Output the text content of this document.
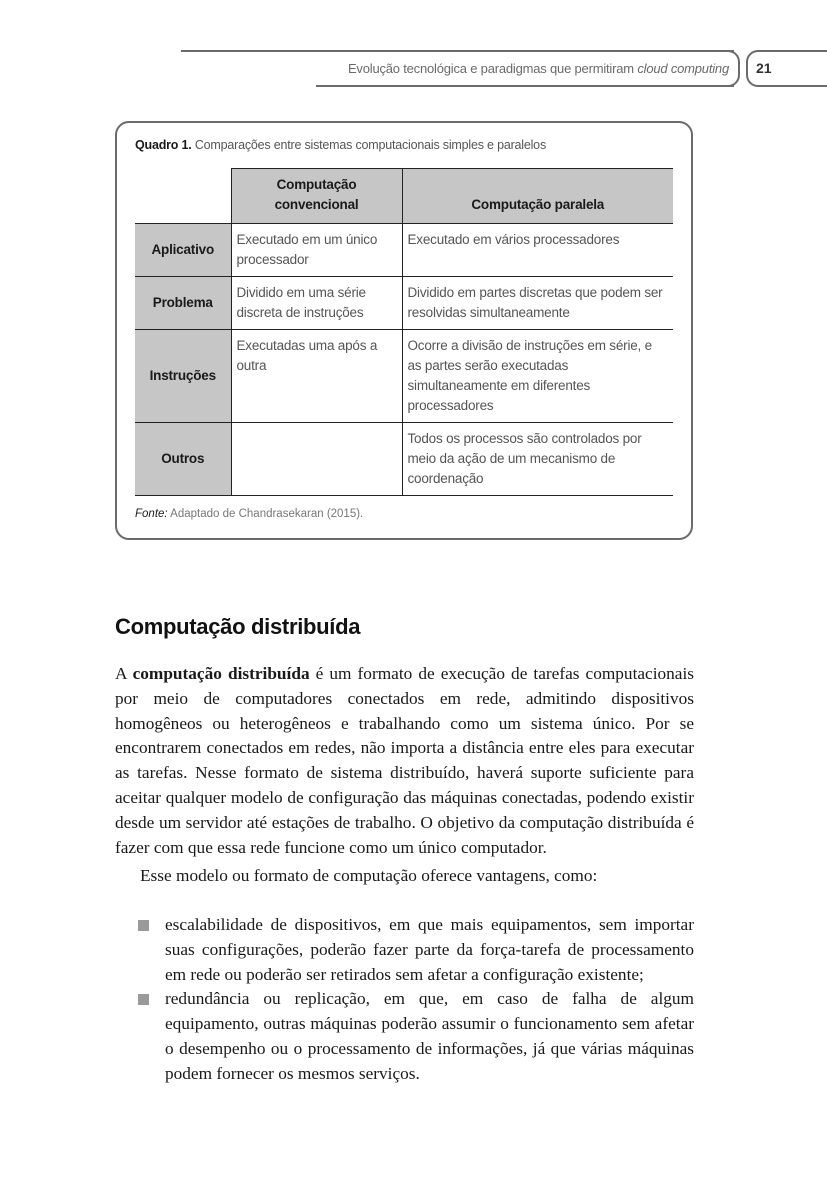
Evolução tecnológica e paradigmas que permitiram cloud computing 21
Quadro 1. Comparações entre sistemas computacionais simples e paralelos
	Computação convencional	Computação paralela
Aplicativo	Executado em um único processador	Executado em vários processadores
Problema	Dividido em uma série discreta de instruções	Dividido em partes discretas que podem ser resolvidas simultaneamente
Instruções	Executadas uma após a outra	Ocorre a divisão de instruções em série, e as partes serão executadas simultaneamente em diferentes processadores
Outros		Todos os processos são controlados por meio da ação de um mecanismo de coordenação
Fonte: Adaptado de Chandrasekaran (2015).
Computação distribuída

A computação distribuída é um formato de execução de tarefas computacionais por meio de computadores conectados em rede, admitindo dispositivos homogêneos ou heterogêneos e trabalhando como um sistema único. Por se encontrarem conectados em redes, não importa a distância entre eles para executar as tarefas. Nesse formato de sistema distribuído, haverá suporte suficiente para aceitar qualquer modelo de configuração das máquinas conectadas, podendo existir desde um servidor até estações de trabalho. O objetivo da computação distribuída é fazer com que essa rede funcione como um único computador.

Esse modelo ou formato de computação oferece vantagens, como:

escalabilidade de dispositivos, em que mais equipamentos, sem importar suas configurações, poderão fazer parte da força-tarefa de processamento em rede ou poderão ser retirados sem afetar a configuração existente;
redundância ou replicação, em que, em caso de falha de algum equipamento, outras máquinas poderão assumir o funcionamento sem afetar o desempenho ou o processamento de informações, já que várias máquinas podem fornecer os mesmos serviços.
